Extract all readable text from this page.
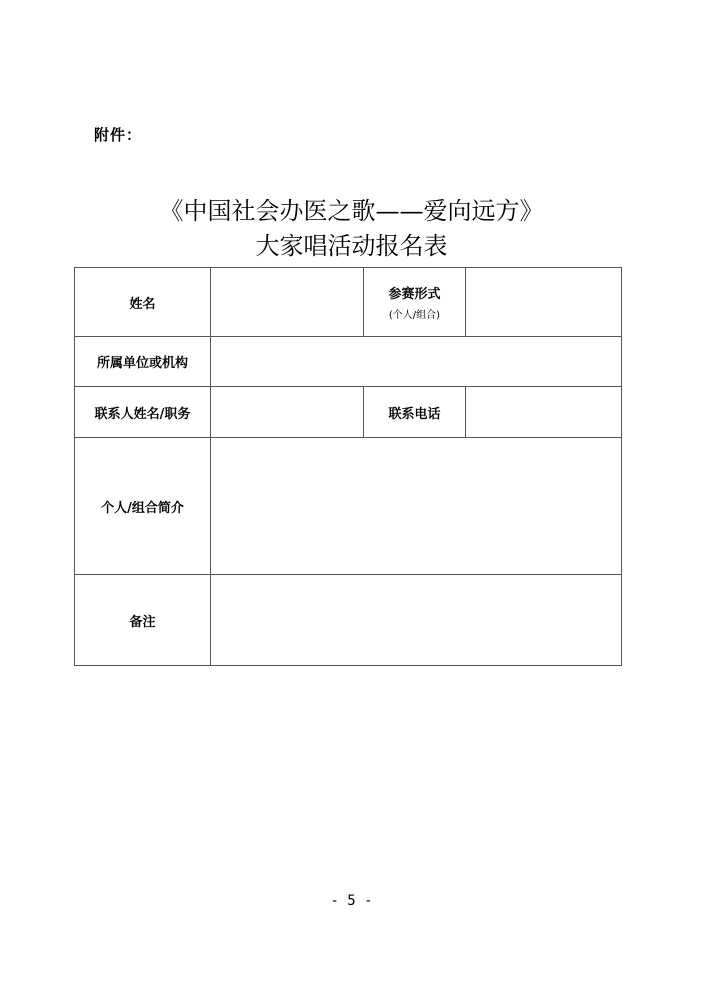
附件：
《中国社会办医之歌——爱向远方》
大家唱活动报名表
姓名		参赛形式
(个人/组合)	

所属单位或机构			
联系人姓名/职务		联系电话	
个人/组合简介			
备注			
- 5 -
